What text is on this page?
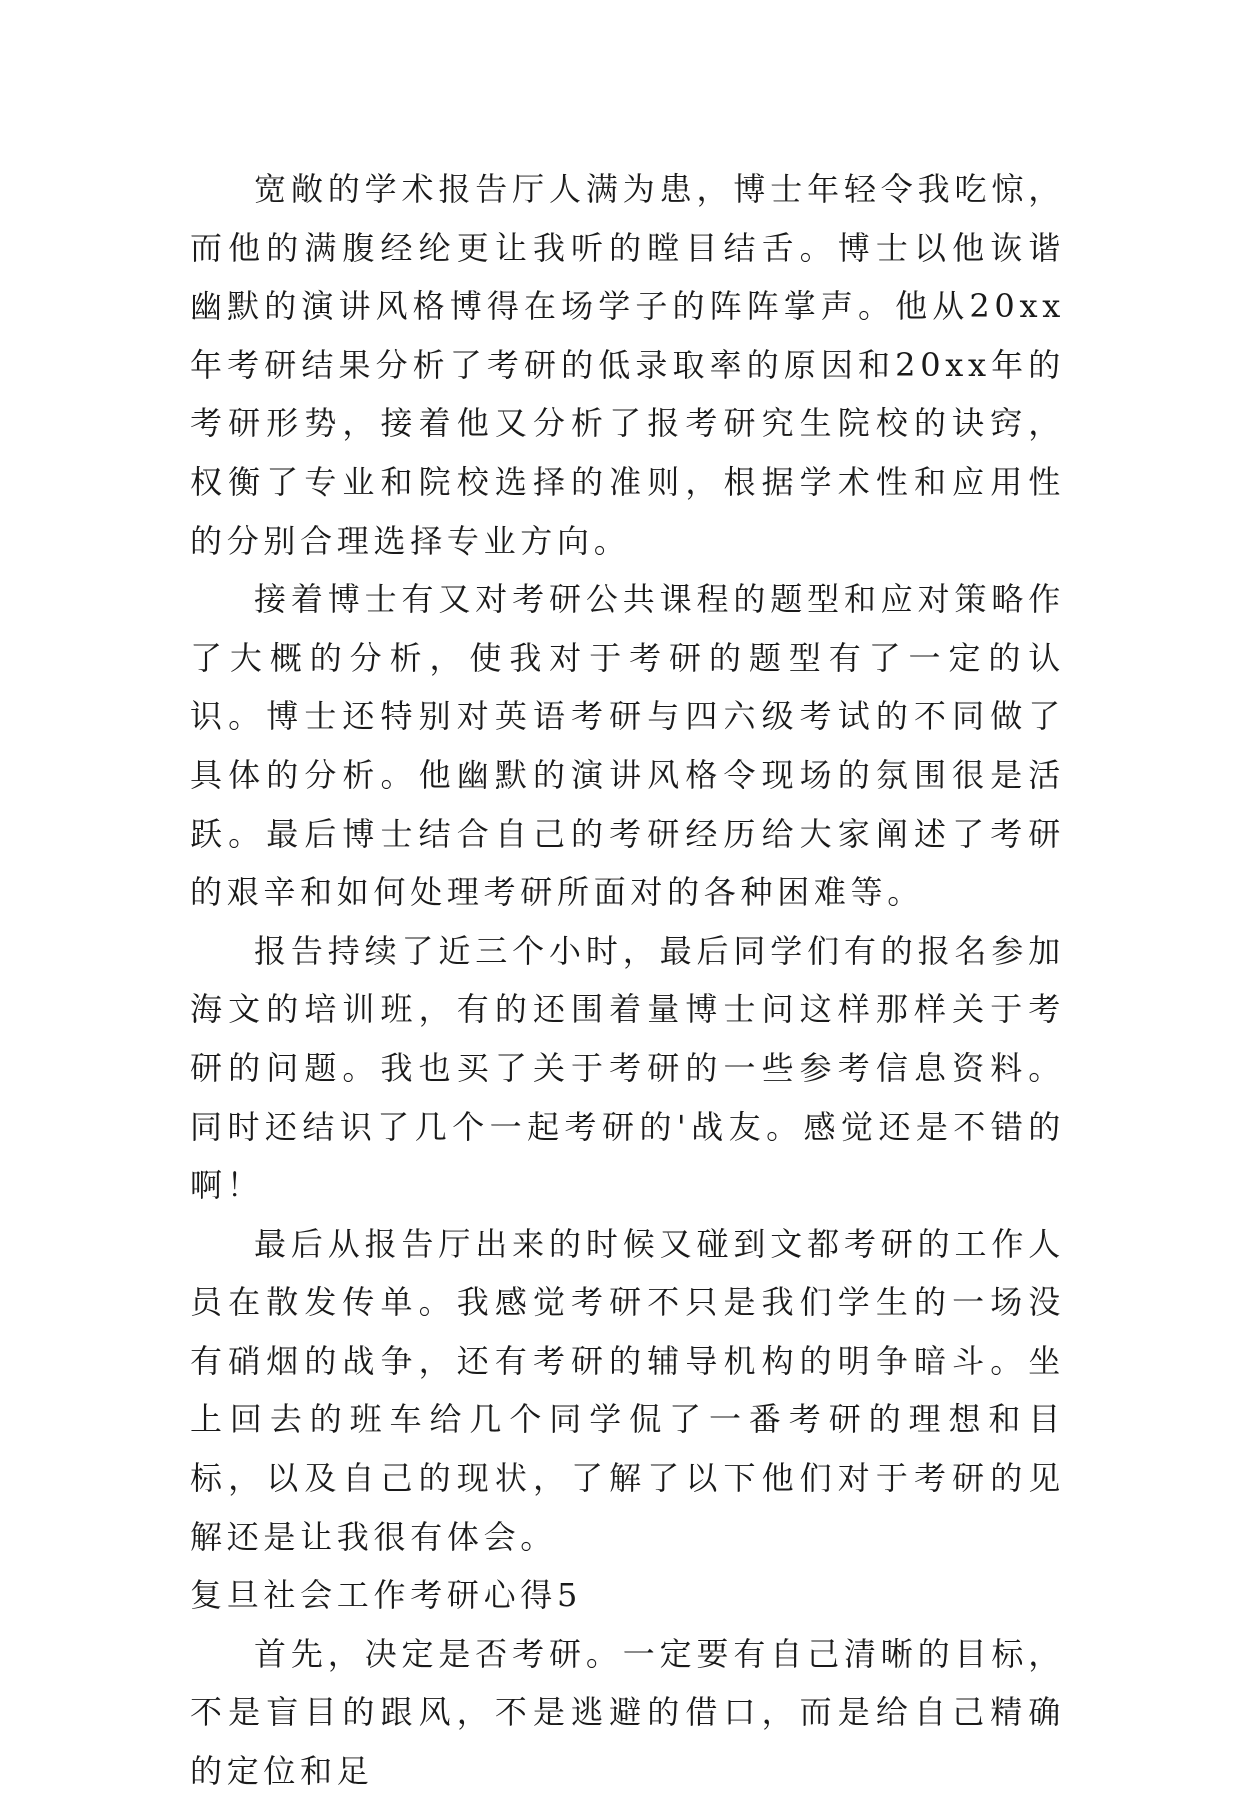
宽敞的学术报告厅人满为患，博士年轻令我吃惊，而他的满腹经纶更让我听的瞠目结舌。博士以他诙谐幽默的演讲风格博得在场学子的阵阵掌声。他从20xx年考研结果分析了考研的低录取率的原因和20xx年的考研形势，接着他又分析了报考研究生院校的诀窍，权衡了专业和院校选择的准则，根据学术性和应用性的分别合理选择专业方向。

接着博士有又对考研公共课程的题型和应对策略作了大概的分析，使我对于考研的题型有了一定的认识。博士还特别对英语考研与四六级考试的不同做了具体的分析。他幽默的演讲风格令现场的氛围很是活跃。最后博士结合自己的考研经历给大家阐述了考研的艰辛和如何处理考研所面对的各种困难等。

报告持续了近三个小时，最后同学们有的报名参加海文的培训班，有的还围着量博士问这样那样关于考研的问题。我也买了关于考研的一些参考信息资料。同时还结识了几个一起考研的'战友。感觉还是不错的啊！

最后从报告厅出来的时候又碰到文都考研的工作人员在散发传单。我感觉考研不只是我们学生的一场没有硝烟的战争，还有考研的辅导机构的明争暗斗。坐上回去的班车给几个同学侃了一番考研的理想和目标，以及自己的现状，了解了以下他们对于考研的见解还是让我很有体会。

复旦社会工作考研心得5

首先，决定是否考研。一定要有自己清晰的目标，不是盲目的跟风，不是逃避的借口，而是给自己精确的定位和足
